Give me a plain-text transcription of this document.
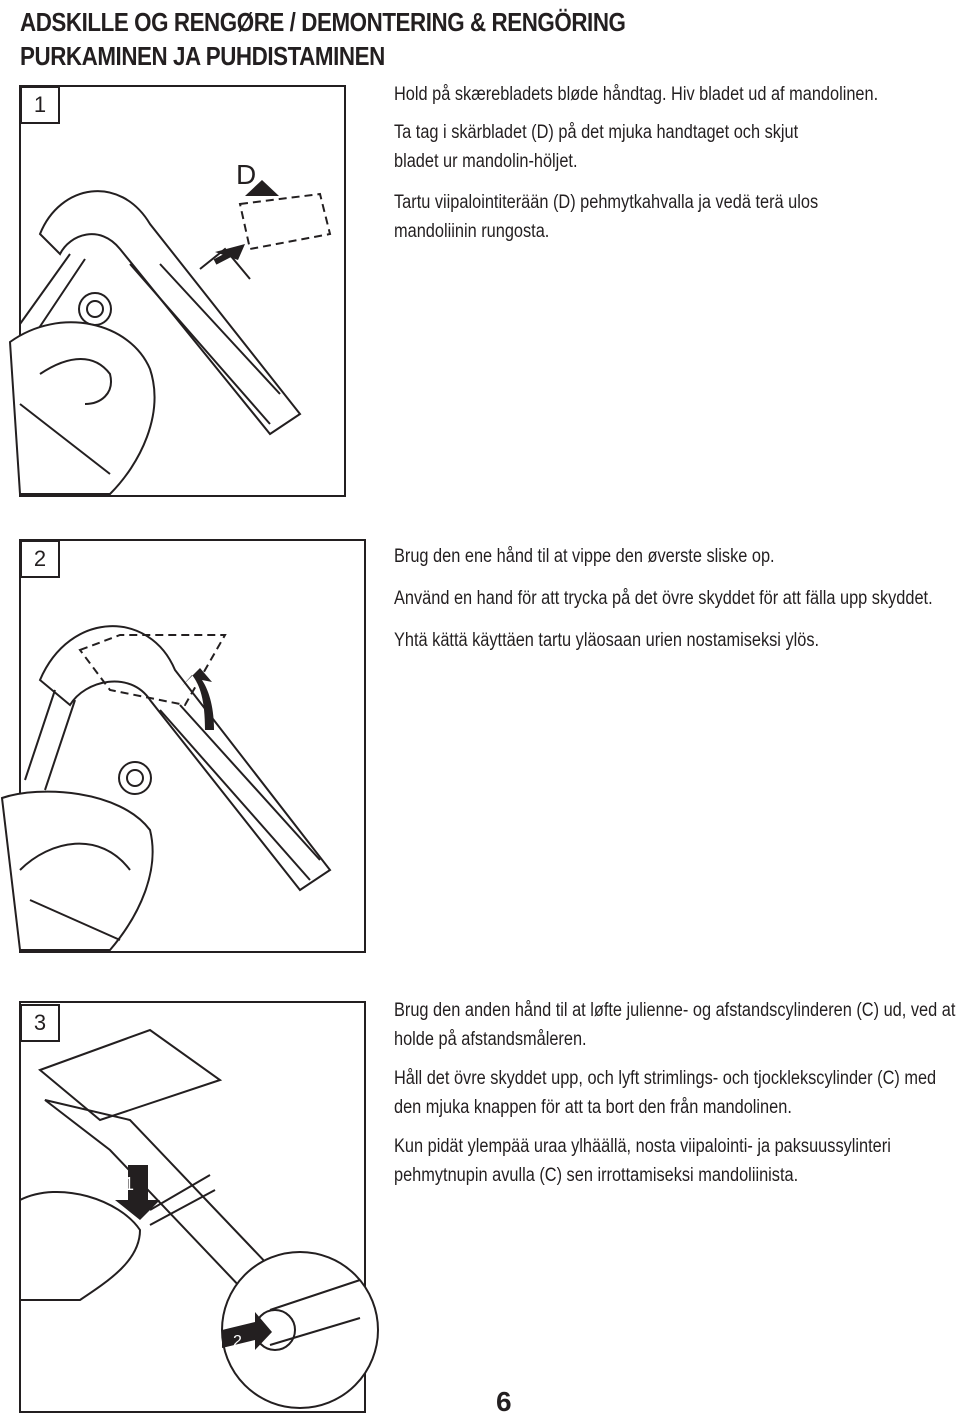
ADSKILLE OG RENGØRE / DEMONTERING & RENGÖRING
PURKAMINEN JA PUHDISTAMINEN
1	Hold på skærebladets bløde håndtag. Hiv bladet ud af mandolinen.

Ta tag i skärbladet (D) på det mjuka handtaget och skjut bladet ur mandolin-höljet.

Tartu viipalointiterään (D) pehmytkahvalla ja vedä terä ulos mandoliinin rungosta.

D
2	Brug den ene hånd til at vippe den øverste sliske op.

Använd en hand för att trycka på det övre skyddet för att fälla upp skyddet.

Yhtä kättä käyttäen tartu yläosaan urien nostamiseksi ylös.

3	Brug den anden hånd til at løfte julienne- og afstandscylinderen (C) ud, ved at holde på afstandsmåleren.

Håll det övre skyddet upp, och lyft strimlings- och tjocklekscylinder (C) med den mjuka knappen för att ta bort den från mandolinen.

Kun pidät ylempää uraa ylhäällä, nosta viipalointi- ja paksuussylinteri pehmytnupin avulla (C) sen irrottamiseksi mandoliinista.

1
2
6
